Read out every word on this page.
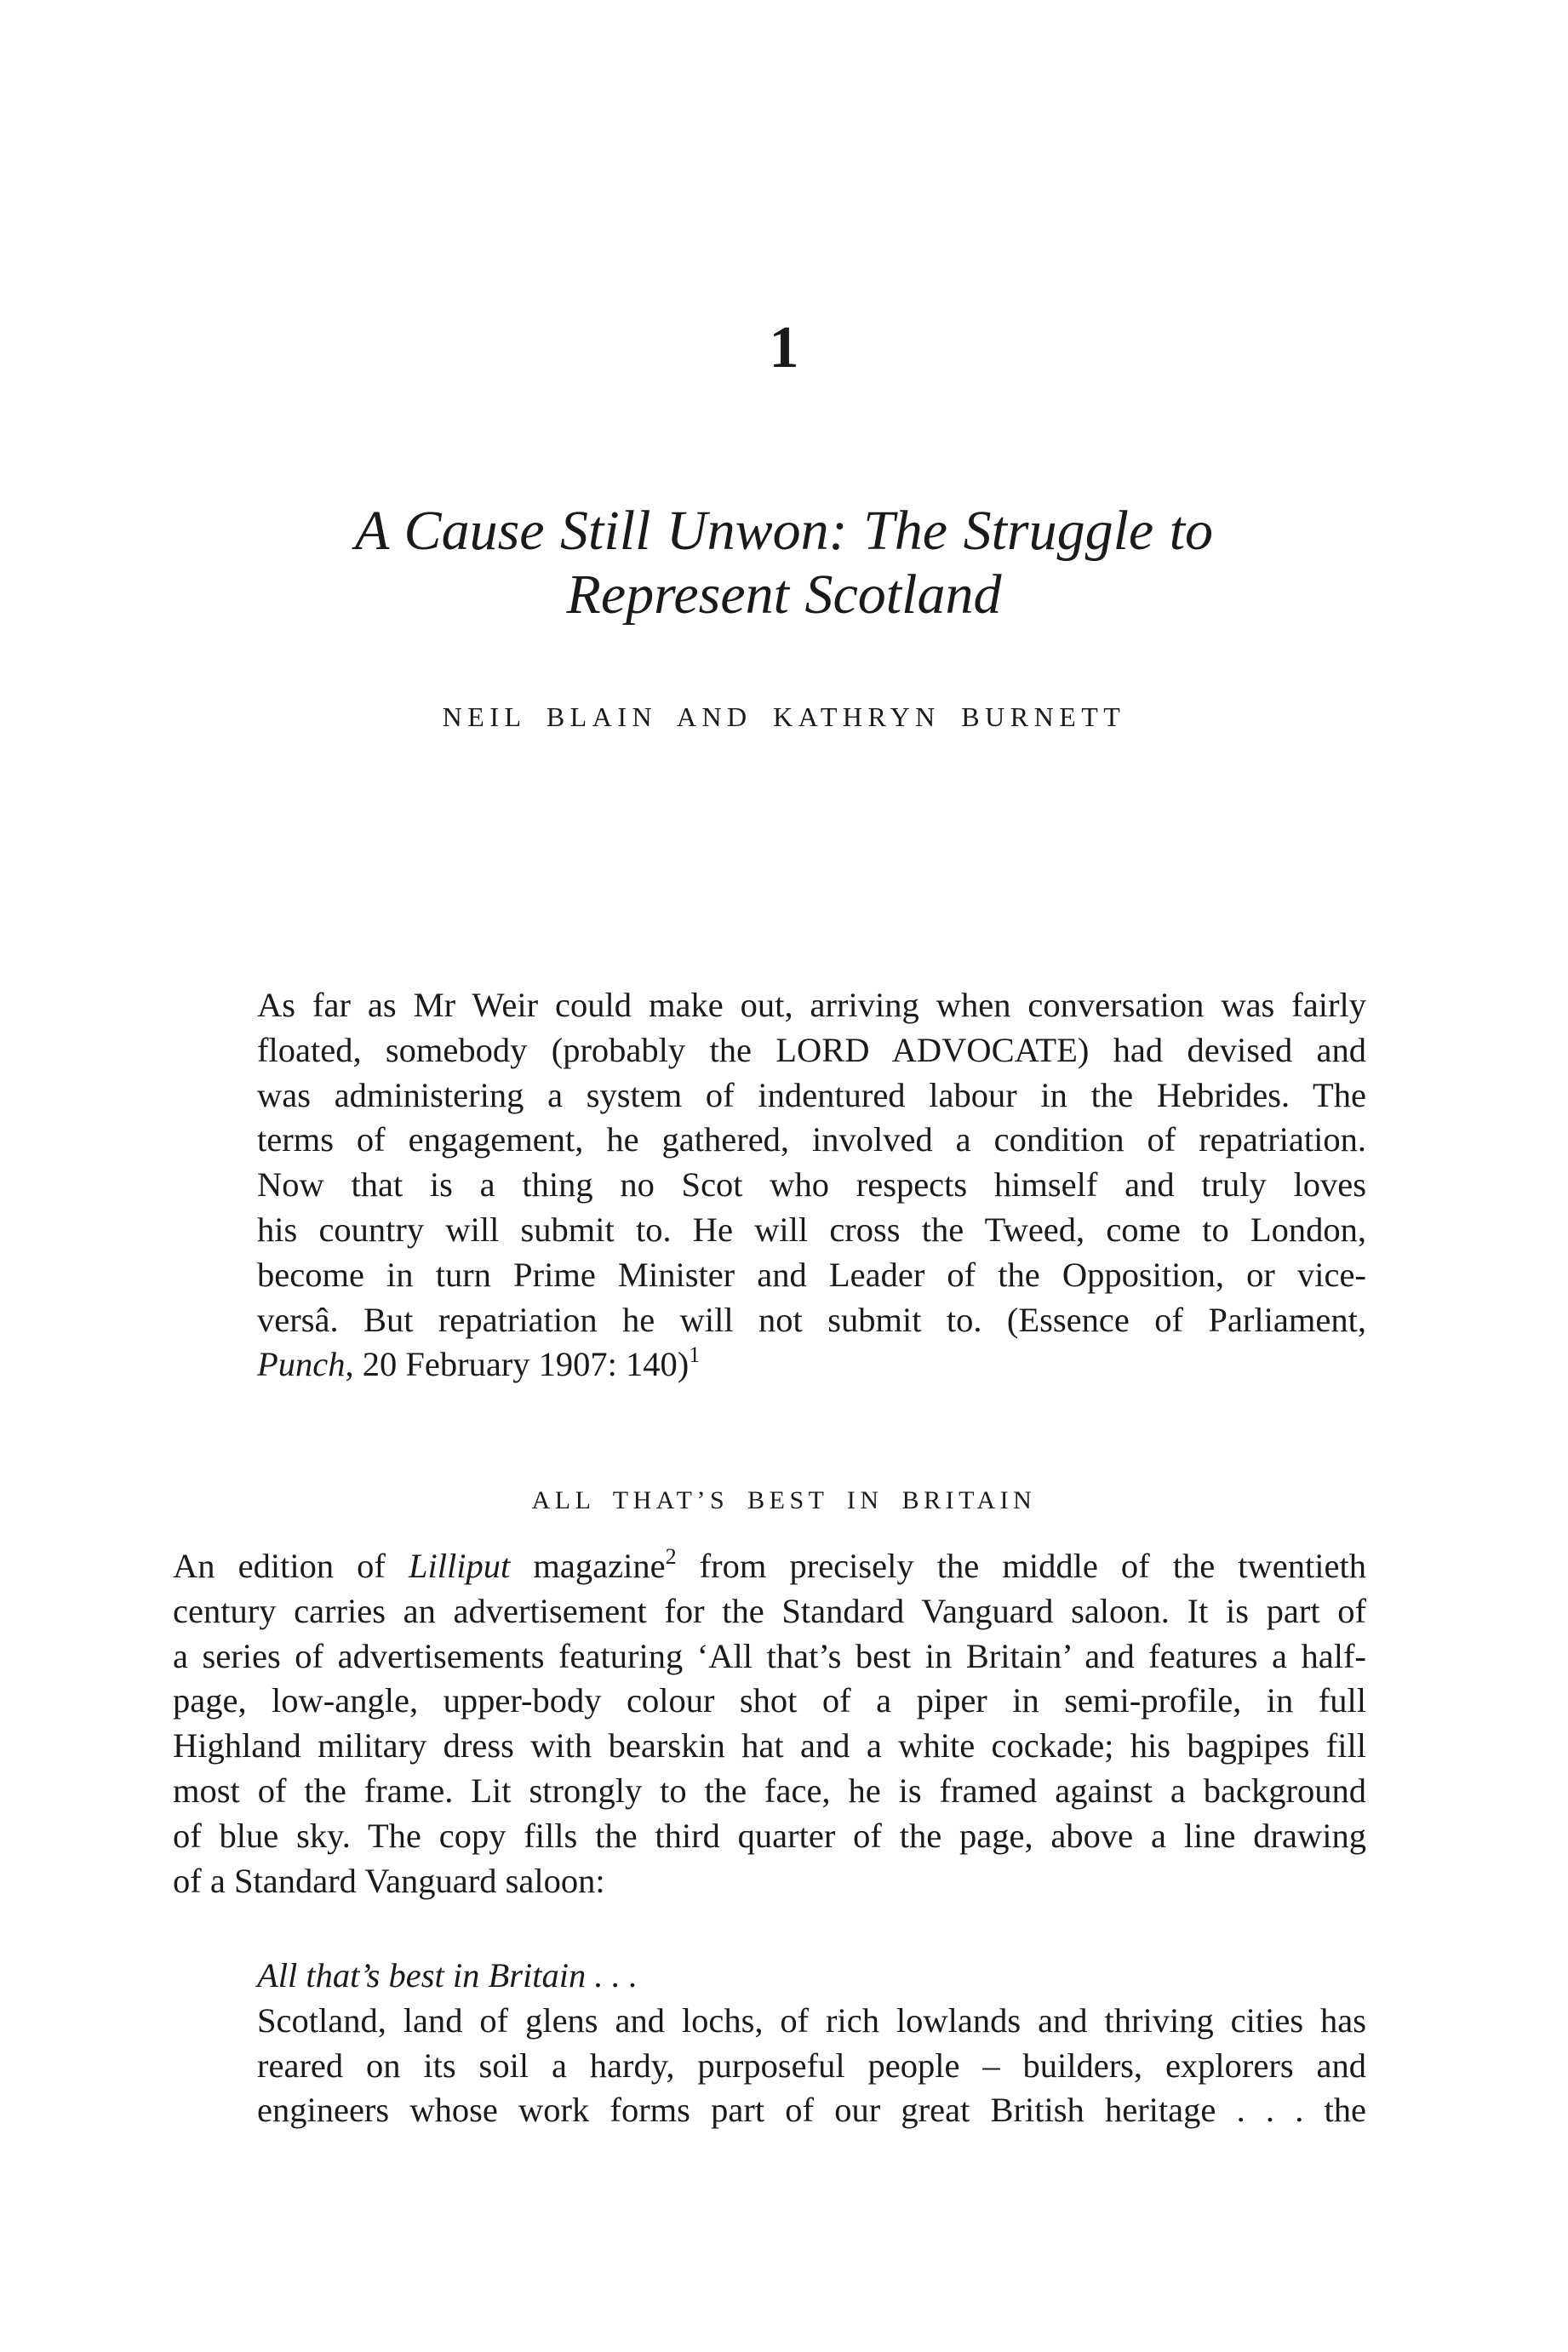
1
A Cause Still Unwon: The Struggle to
Represent Scotland
NEIL BLAIN AND KATHRYN BURNETT
As far as Mr Weir could make out, arriving when conversation was fairly
floated, somebody (probably the LORD ADVOCATE) had devised and
was administering a system of indentured labour in the Hebrides. The
terms of engagement, he gathered, involved a condition of repatriation.
Now that is a thing no Scot who respects himself and truly loves
his country will submit to. He will cross the Tweed, come to London,
become in turn Prime Minister and Leader of the Opposition, or vice-
versâ. But repatriation he will not submit to. (Essence of Parliament,
Punch, 20 February 1907: 140)$^1$
ALL THAT’S BEST IN BRITAIN
An edition of Lilliput magazine$^2$ from precisely the middle of the twentieth
century carries an advertisement for the Standard Vanguard saloon. It is part of
a series of advertisements featuring ‘All that’s best in Britain’ and features a half-
page, low-angle, upper-body colour shot of a piper in semi-profile, in full
Highland military dress with bearskin hat and a white cockade; his bagpipes fill
most of the frame. Lit strongly to the face, he is framed against a background
of blue sky. The copy fills the third quarter of the page, above a line drawing
of a Standard Vanguard saloon:
All that’s best in Britain . . .
Scotland, land of glens and lochs, of rich lowlands and thriving cities has
reared on its soil a hardy, purposeful people – builders, explorers and
engineers whose work forms part of our great British heritage . . . the
